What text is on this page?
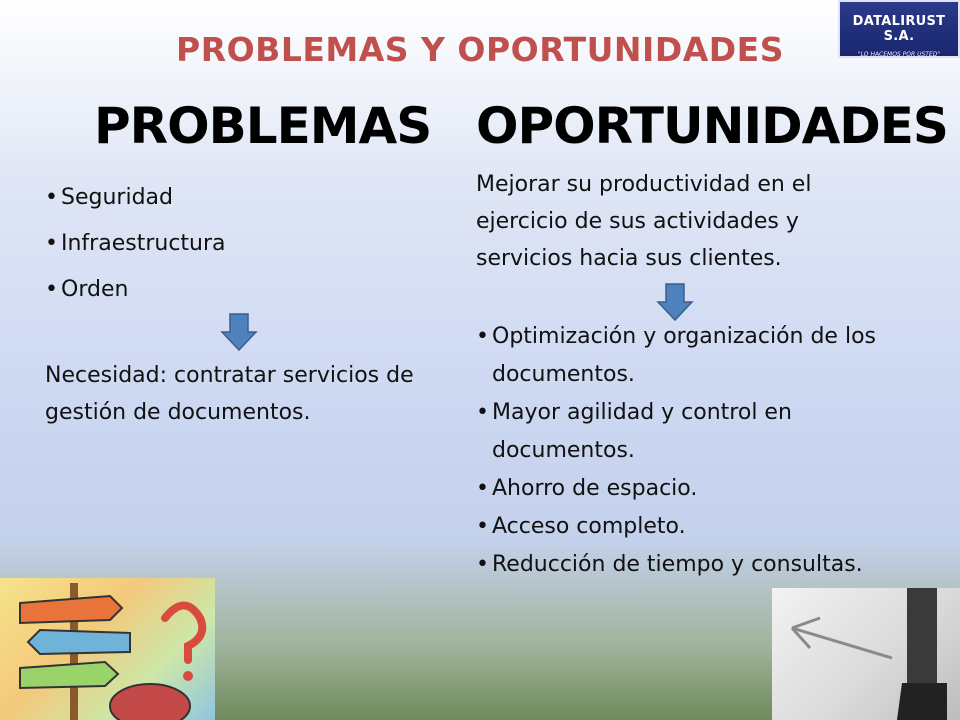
PROBLEMAS Y OPORTUNIDADES
DATALIRUST S.A.
"LO HACEMOS POR USTED"
PROBLEMAS OPORTUNIDADES
• Seguridad
• Infraestructura
• Orden
Necesidad: contratar servicios de gestión de documentos.
Mejorar su productividad en el ejercicio de sus actividades y servicios hacia sus clientes.
• Optimización y organización de los documentos.
• Mayor agilidad y control en documentos.
• Ahorro de espacio.
• Acceso completo.
• Reducción de tiempo y consultas.
